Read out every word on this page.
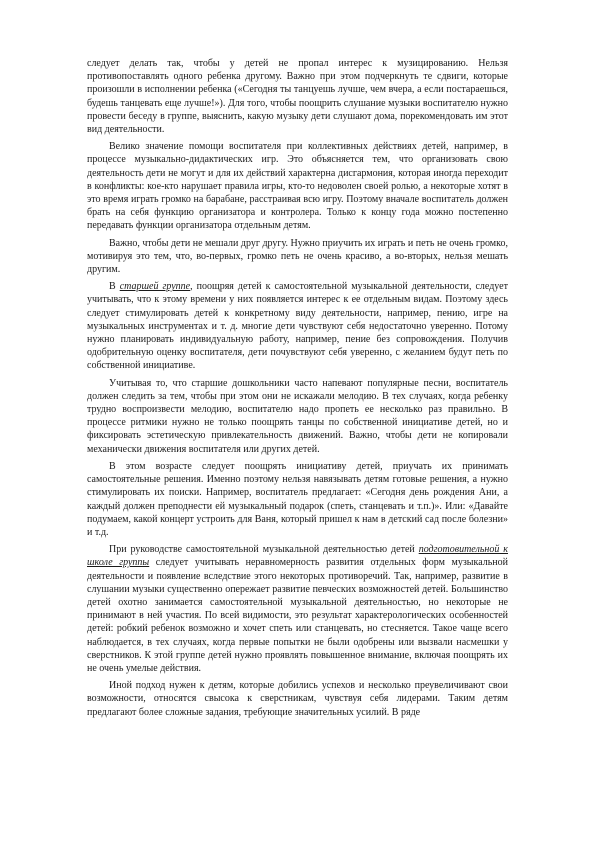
следует делать так, чтобы у детей не пропал интерес к музицированию. Нельзя противопоставлять одного ребенка другому. Важно при этом подчеркнуть те сдвиги, которые произошли в исполнении ребенка («Сегодня ты танцуешь лучше, чем вчера, а если постараешься, будешь танцевать еще лучше!»). Для того, чтобы поощрить слушание музыки воспитателю нужно провести беседу в группе, выяснить, какую музыку дети слушают дома, порекомендовать им этот вид деятельности.

Велико значение помощи воспитателя при коллективных действиях детей, например, в процессе музыкально-дидактических игр. Это объясняется тем, что организовать свою деятельность дети не могут и для их действий характерна дисгармония, которая иногда переходит в конфликты: кое-кто нарушает правила игры, кто-то недоволен своей ролью, а некоторые хотят в это время играть громко на барабане, расстраивая всю игру. Поэтому вначале воспитатель должен брать на себя функцию организатора и контролера. Только к концу года можно постепенно передавать функции организатора отдельным детям.

Важно, чтобы дети не мешали друг другу. Нужно приучить их играть и петь не очень громко, мотивируя это тем, что, во-первых, громко петь не очень красиво, а во-вторых, нельзя мешать другим.

В старшей группе, поощряя детей к самостоятельной музыкальной деятельности, следует учитывать, что к этому времени у них появляется интерес к ее отдельным видам. Поэтому здесь следует стимулировать детей к конкретному виду деятельности, например, пению, игре на музыкальных инструментах и т. д. многие дети чувствуют себя недостаточно уверенно. Потому нужно планировать индивидуальную работу, например, пение без сопровождения. Получив одобрительную оценку воспитателя, дети почувствуют себя уверенно, с желанием будут петь по собственной инициативе.

Учитывая то, что старшие дошкольники часто напевают популярные песни, воспитатель должен следить за тем, чтобы при этом они не искажали мелодию. В тех случаях, когда ребенку трудно воспроизвести мелодию, воспитателю надо пропеть ее несколько раз правильно. В процессе ритмики нужно не только поощрять танцы по собственной инициативе детей, но и фиксировать эстетическую привлекательность движений. Важно, чтобы дети не копировали механически движения воспитателя или других детей.

В этом возрасте следует поощрять инициативу детей, приучать их принимать самостоятельные решения. Именно поэтому нельзя навязывать детям готовые решения, а нужно стимулировать их поиски. Например, воспитатель предлагает: «Сегодня день рождения Ани, а каждый должен преподнести ей музыкальный подарок (спеть, станцевать и т.п.)». Или: «Давайте подумаем, какой концерт устроить для Ваня, который пришел к нам в детский сад после болезни» и т.д.

При руководстве самостоятельной музыкальной деятельностью детей подготовительной к школе группы следует учитывать неравномерность развития отдельных форм музыкальной деятельности и появление вследствие этого некоторых противоречий. Так, например, развитие в слушании музыки существенно опережает развитие певческих возможностей детей. Большинство детей охотно занимается самостоятельной музыкальной деятельностью, но некоторые не принимают в ней участия. По всей видимости, это результат характерологических особенностей детей: робкий ребенок возможно и хочет спеть или станцевать, но стесняется. Такое чаще всего наблюдается, в тех случаях, когда первые попытки не были одобрены или вызвали насмешки у сверстников. К этой группе детей нужно проявлять повышенное внимание, включая поощрять их не очень умелые действия.

Иной подход нужен к детям, которые добились успехов и несколько преувеличивают свои возможности, относятся свысока к сверстникам, чувствуя себя лидерами. Таким детям предлагают более сложные задания, требующие значительных усилий. В ряде
